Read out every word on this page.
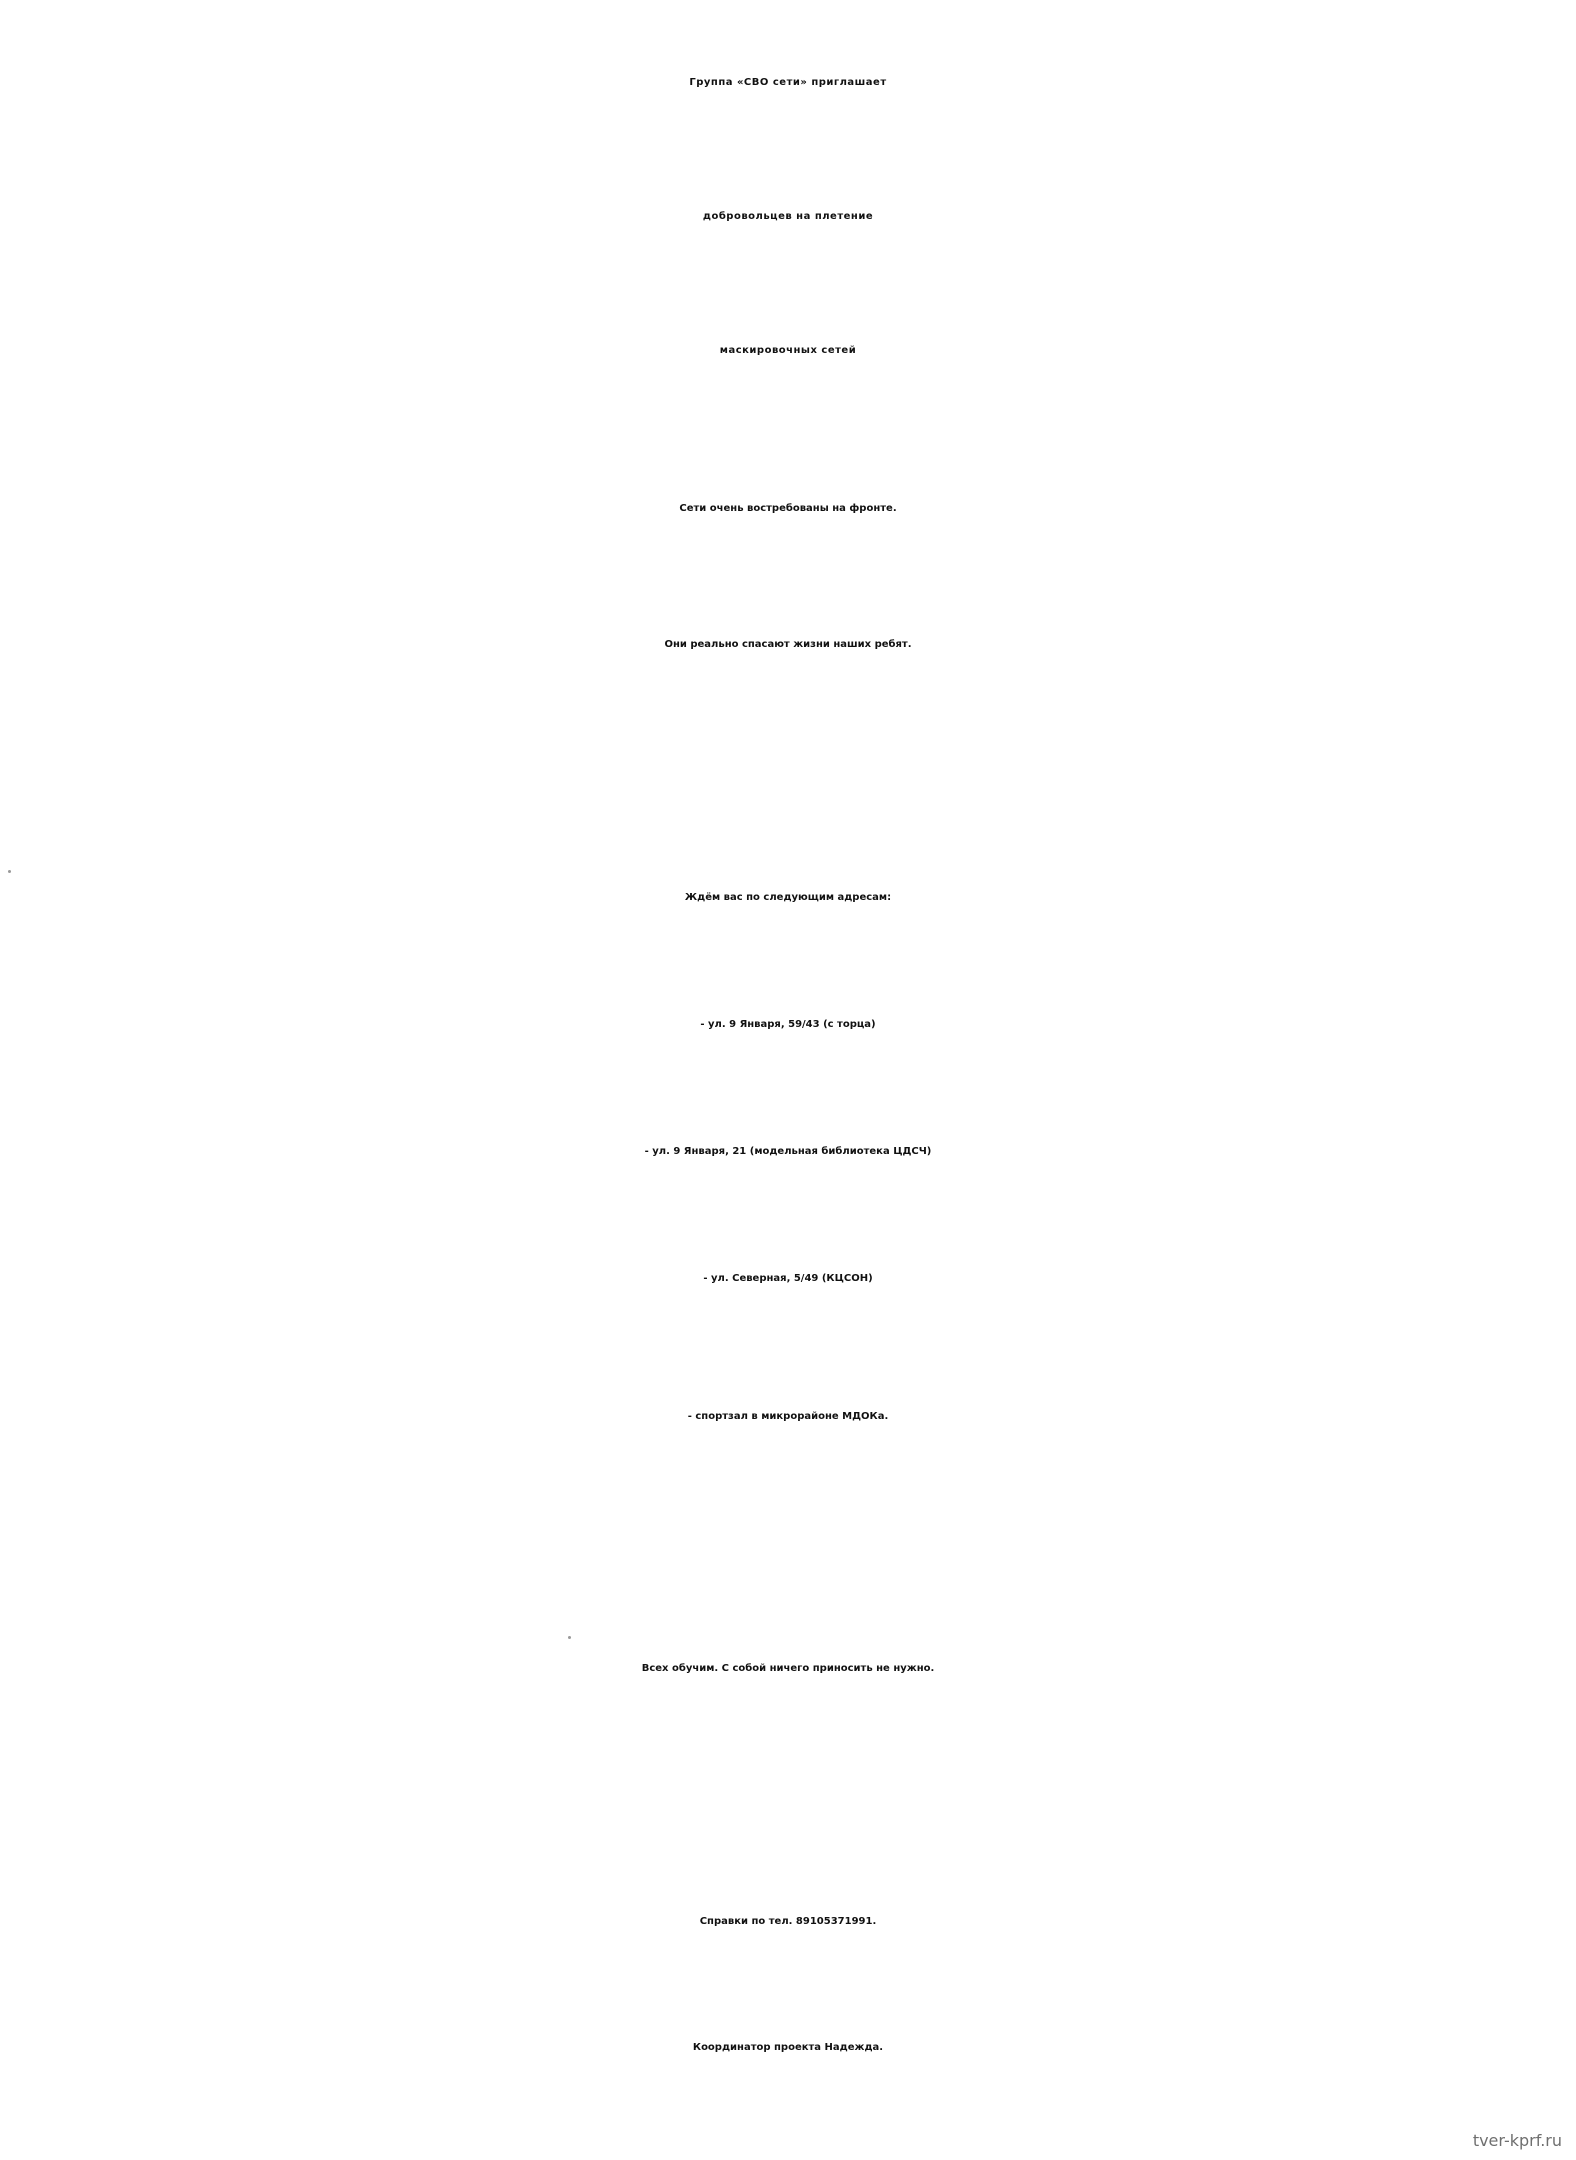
Группа «СВО сети» приглашает
добровольцев на плетение
маскировочных сетей
Сети очень востребованы на фронте.
Они реально спасают жизни наших ребят.
Ждём вас по следующим адресам:
- ул. 9 Января, 59/43 (с торца)
- ул. 9 Января, 21 (модельная библиотека ЦДСЧ)
- ул. Северная, 5/49 (КЦСОН)
- спортзал в микрорайоне МДОКа.
Всех обучим. С собой ничего приносить не нужно.
Справки по тел. 89105371991.
Координатор проекта Надежда.
tver-kprf.ru
